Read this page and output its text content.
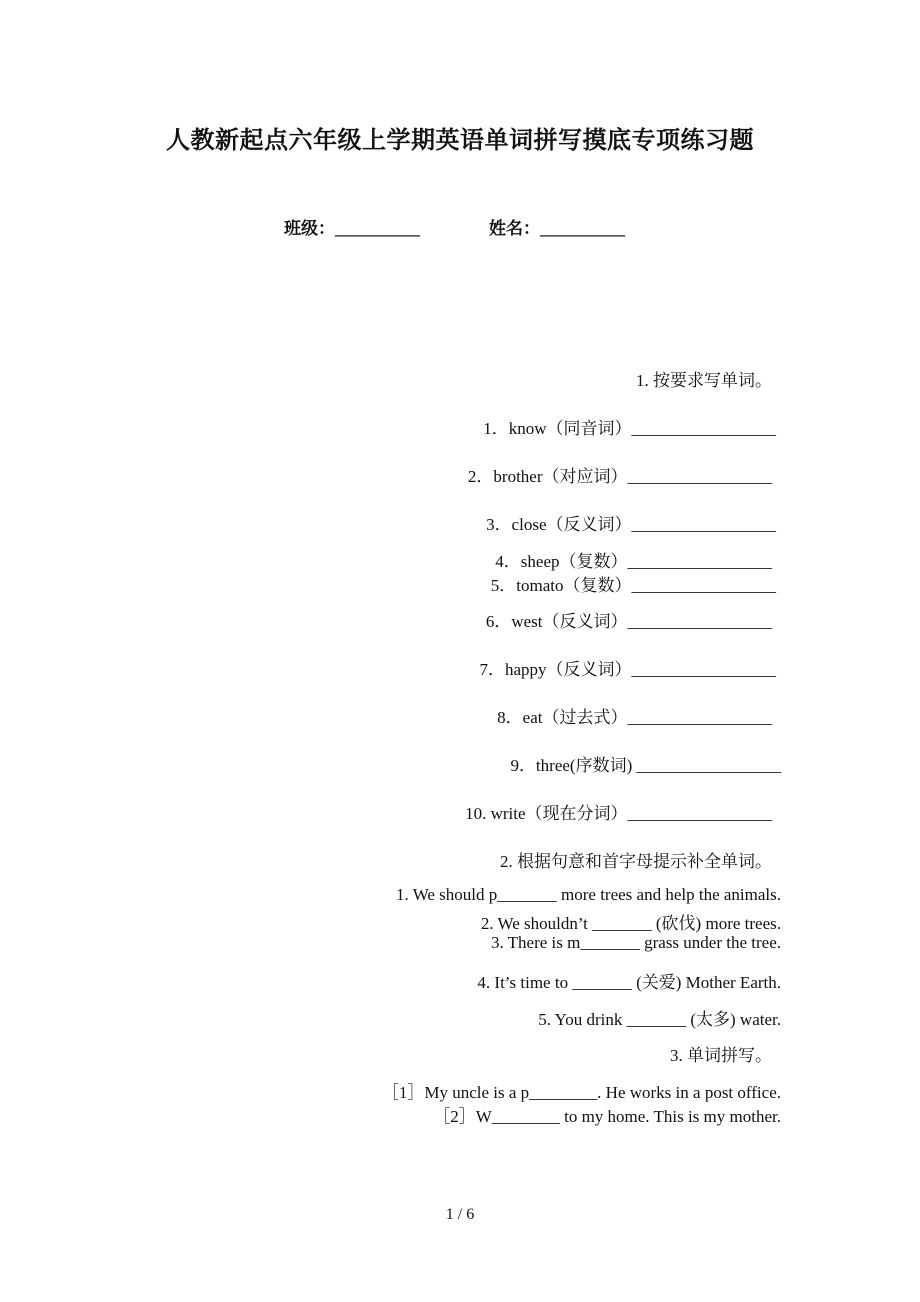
人教新起点六年级上学期英语单词拼写摸底专项练习题
班级：__________	姓名：__________
1. 按要求写单词。
1．know（同音词）_________________
2．brother（对应词）_________________
3．close（反义词）_________________
4．sheep（复数）_________________
5．tomato（复数）_________________
6．west（反义词）_________________
7．happy（反义词）_________________
8．eat（过去式）_________________
9．three(序数词) _________________
10. write（现在分词）_________________
2. 根据句意和首字母提示补全单词。
1. We should p_______ more trees and help the animals.
2. We shouldn’t _______ (砍伐) more trees.
3. There is m_______ grass under the tree.
4. It’s time to _______ (关爱) Mother Earth.
5. You drink _______ (太多) water.
3. 单词拼写。
［1］My uncle is a p________. He works in a post office.
［2］W________ to my home. This is my mother.
1 / 6
